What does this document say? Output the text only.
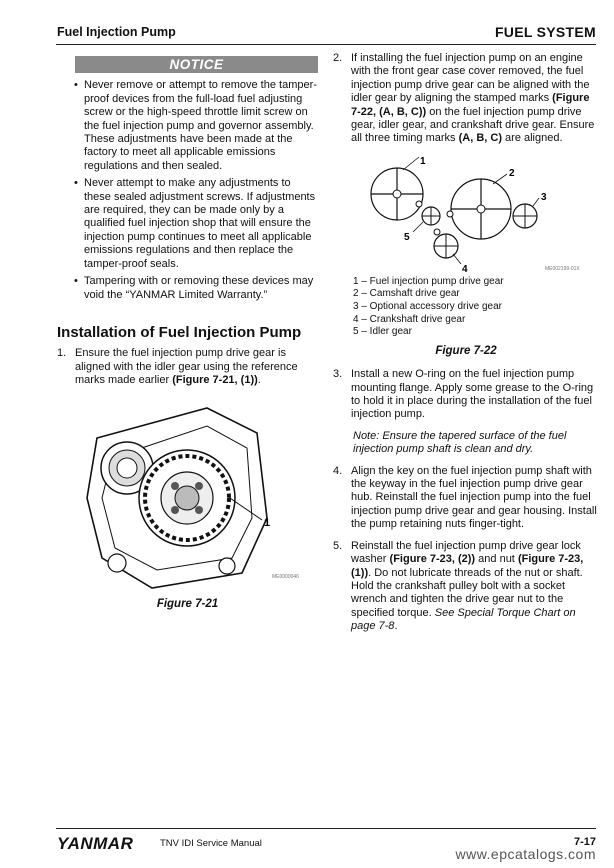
Fuel Injection Pump	FUEL SYSTEM
NOTICE
• Never remove or attempt to remove the tamper-proof devices from the full-load fuel adjusting screw or the high-speed throttle limit screw on the fuel injection pump and governor assembly. These adjustments have been made at the factory to meet all applicable emissions regulations and then sealed.
• Never attempt to make any adjustments to these sealed adjustment screws. If adjustments are required, they can be made only by a qualified fuel injection shop that will ensure the injection pump continues to meet all applicable emissions regulations and then replace the tamper-proof seals.
• Tampering with or removing these devices may void the “YANMAR Limited Warranty.”
Installation of Fuel Injection Pump
1. Ensure the fuel injection pump drive gear is aligned with the idler gear using the reference marks made earlier (Figure 7-21, (1)).
1
ME0000046
Figure 7-21
2. If installing the fuel injection pump on an engine with the front gear case cover removed, the fuel injection pump drive gear can be aligned with the idler gear by aligning the stamped marks (Figure 7-22, (A, B, C)) on the fuel injection pump drive gear, idler gear, and crankshaft drive gear. Ensure all three timing marks (A, B, C) are aligned.
1
2
3
4
5
ME002199-01X
1 – Fuel injection pump drive gear
2 – Camshaft drive gear
3 – Optional accessory drive gear
4 – Crankshaft drive gear
5 – Idler gear
Figure 7-22
3. Install a new O-ring on the fuel injection pump mounting flange. Apply some grease to the O-ring to hold it in place during the installation of the fuel injection pump.
Note: Ensure the tapered surface of the fuel injection pump shaft is clean and dry.
4. Align the key on the fuel injection pump shaft with the keyway in the fuel injection pump drive gear hub. Reinstall the fuel injection pump into the fuel injection pump drive gear and gear housing. Install the pump retaining nuts finger-tight.
5. Reinstall the fuel injection pump drive gear lock washer (Figure 7-23, (2)) and nut (Figure 7-23, (1)). Do not lubricate threads of the nut or shaft. Hold the crankshaft pulley bolt with a socket wrench and tighten the drive gear nut to the specified torque. See Special Torque Chart on page 7-8.
YANMAR	TNV IDI Service Manual	7-17
www.epcatalogs.com
